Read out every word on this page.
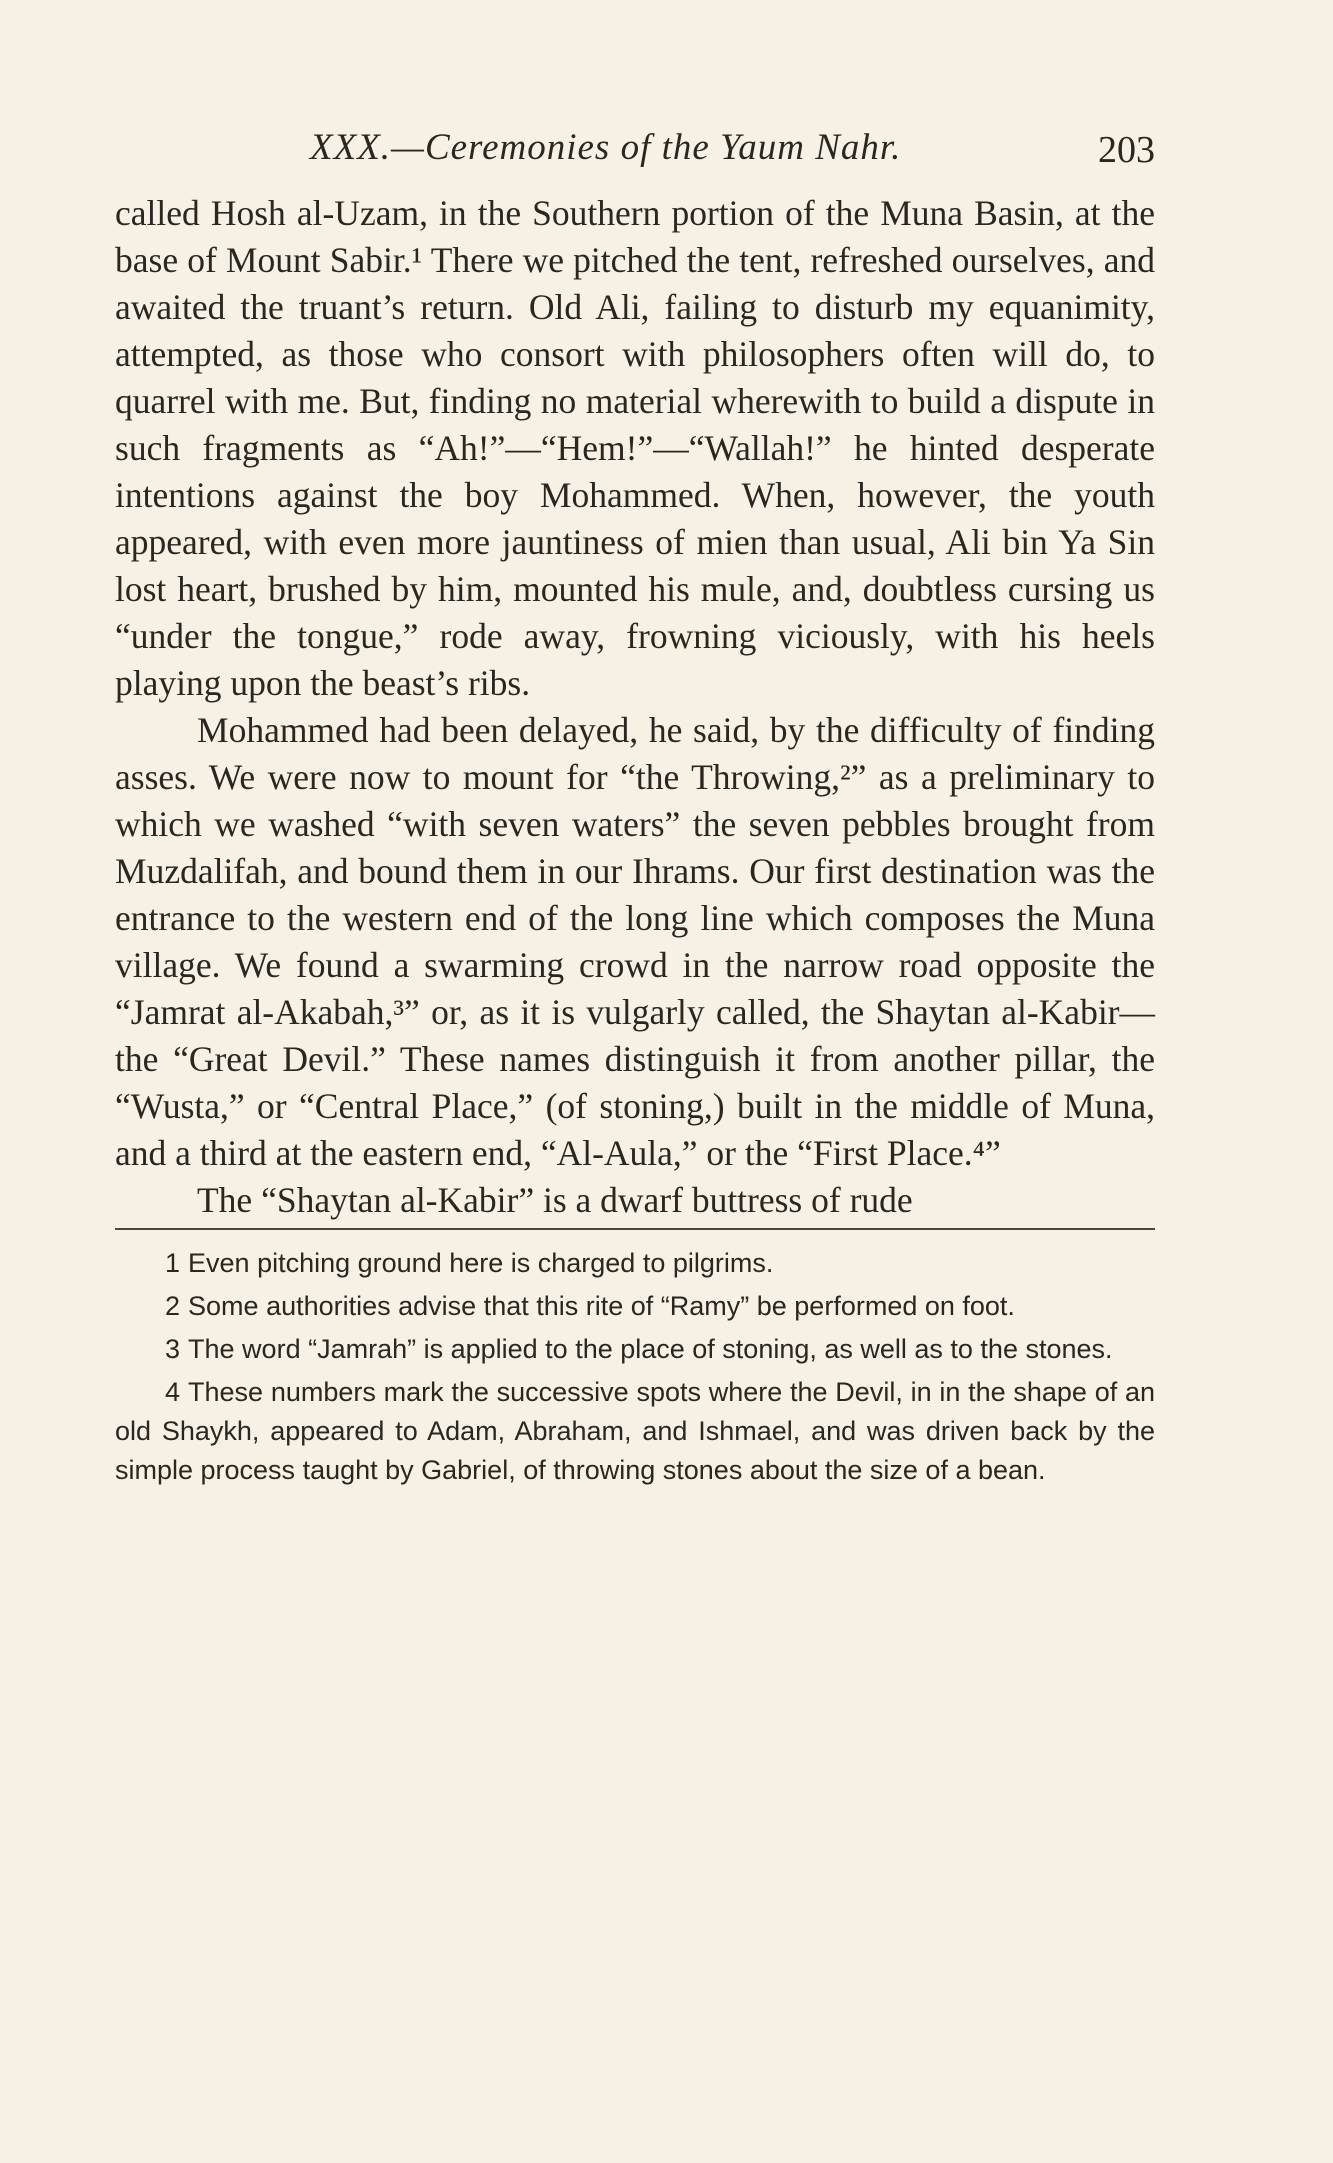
XXX.—Ceremonies of the Yaum Nahr.	203

called Hosh al-Uzam, in the Southern portion of the Muna Basin, at the base of Mount Sabir.¹ There we pitched the tent, refreshed ourselves, and awaited the truant’s return. Old Ali, failing to disturb my equanimity, attempted, as those who consort with philosophers often will do, to quarrel with me. But, finding no material wherewith to build a dispute in such fragments as “Ah!”—“Hem!”—“Wallah!” he hinted desperate intentions against the boy Mohammed. When, however, the youth appeared, with even more jauntiness of mien than usual, Ali bin Ya Sin lost heart, brushed by him, mounted his mule, and, doubtless cursing us “under the tongue,” rode away, frowning viciously, with his heels playing upon the beast’s ribs.

Mohammed had been delayed, he said, by the difficulty of finding asses. We were now to mount for “the Throwing,²” as a preliminary to which we washed “with seven waters” the seven pebbles brought from Muzdalifah, and bound them in our Ihrams. Our first destination was the entrance to the western end of the long line which composes the Muna village. We found a swarming crowd in the narrow road opposite the “Jamrat al-Akabah,³” or, as it is vulgarly called, the Shaytan al-Kabir—the “Great Devil.” These names distinguish it from another pillar, the “Wusta,” or “Central Place,” (of stoning,) built in the middle of Muna, and a third at the eastern end, “Al-Aula,” or the “First Place.⁴”

The “Shaytan al-Kabir” is a dwarf buttress of rude

1 Even pitching ground here is charged to pilgrims.

2 Some authorities advise that this rite of “Ramy” be performed on foot.

3 The word “Jamrah” is applied to the place of stoning, as well as to the stones.

4 These numbers mark the successive spots where the Devil, in in the shape of an old Shaykh, appeared to Adam, Abraham, and Ishmael, and was driven back by the simple process taught by Gabriel, of throwing stones about the size of a bean.
